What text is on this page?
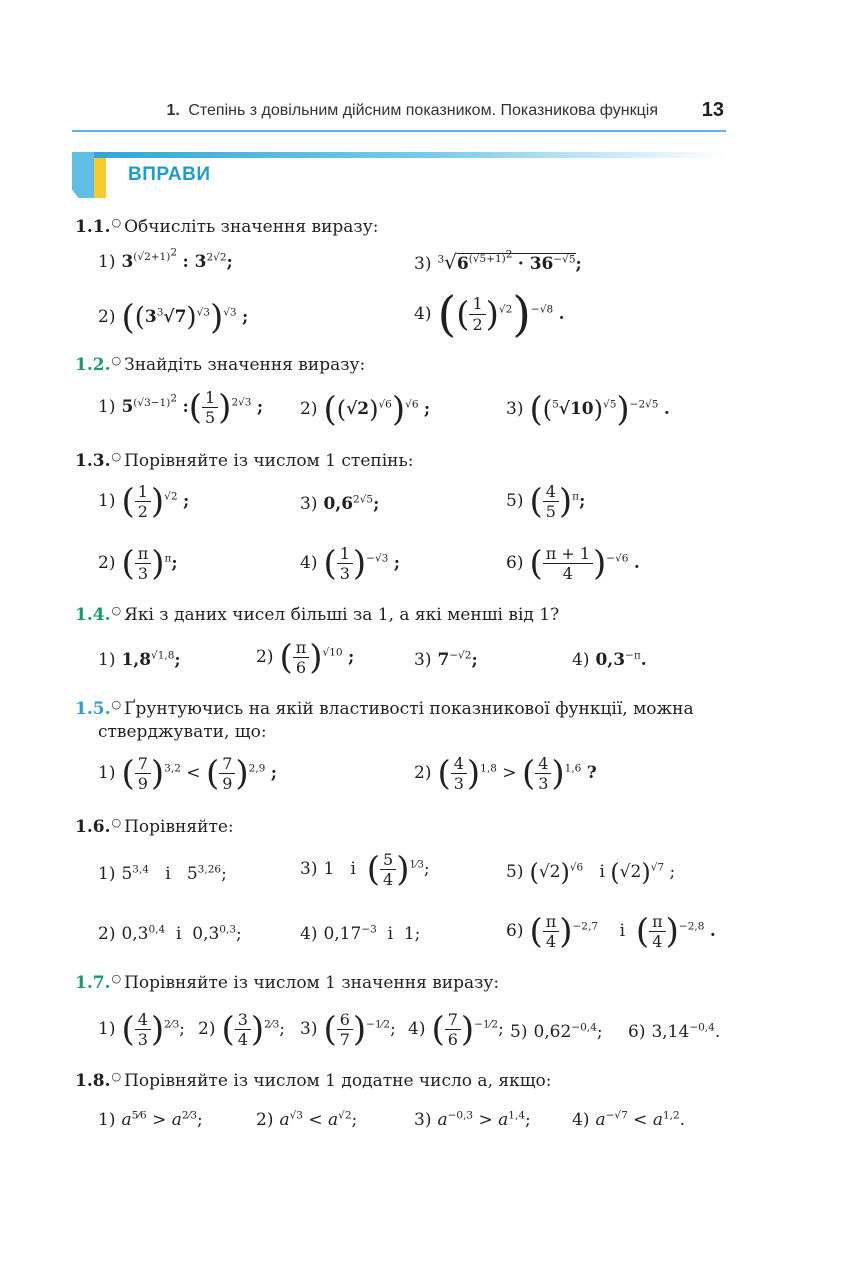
1. Степінь з довільним дійсним показником. Показникова функція 13
ВПРАВИ
1.1.○ Обчисліть значення виразу:
1) $3^{(√2+1)^2}$ : $3^{2√2}$;	3) $^3√6^{(√5+1)^2} \cdot 36^{-√5}$;
2) $((3^3√7)^{√3})^{√3}$ ;	4) (( $\frac{1}{2} )^{√2})^{-√8}$ .
1.2.○ Знайдіть значення виразу:
1) $5^{(√3-1)^2}$ :( $\frac{1}{5} )^{2√3}$ ; 2) $((√2)^{√6})^{√6}$ ;	3) $((^5√10)^{√5})^{-2√5}$ .
1.3.○ Порівняйте із числом 1 степінь:
1) ( $\frac{1}{2} )^{√2}$ ;	3) $0,6^{2√5}$;	5) ( $\frac{4}{5} )^\pi$;
2) ( $\frac{\pi}{3} )^\pi$;	4) ( $\frac{1}{3} )^{-√3}$ ;	6) ( $\frac{\pi + 1}{4} )^{-√6}$ .
1.4.○ Які з даних чисел більші за 1, а які менші від 1?
1) $1,8^{√1,8}$;	2) ( $\frac{\pi}{6} )^{√10}$ ;	3) $7^{-√2}$;	4) $0,3^{-\pi}$.
1.5.○ Ґрунтуючись на якій властивості показникової функції, можна
стверджувати, що:
1) ( $\frac{7}{9} )^{3,2}$ < ( $\frac{7}{9} )^{2,9}$ ;	2) ( $\frac{4}{3} )^{1,8}$ > ( $\frac{4}{3} )^{1,6}$ ?
1.6.○ Порівняйте:
1) 5$^{3,4}$   і   5$^{3,26}$;	3) 1   і  ( $\frac{5}{4} )^{1⁄3}$;	5) $(√2)^{√6}$   і $(√2)^{√7}$ ;
2) 0,3$^{0,4}$  і  0,3$^{0,3}$;	4) $0,17^{-3}$  і  1;	6) ( $\frac{\pi}{4} )^{-2,7}$    і  ( $\frac{\pi}{4} )^{-2,8}$ .
1.7.○ Порівняйте із числом 1 значення виразу:
1) ( $\frac{4}{3} )^{2⁄3}$; 2) ( $\frac{3}{4} )^{2⁄3}$; 3) ( $\frac{6}{7} )^{-1⁄2}$; 4) ( $\frac{7}{6} )^{-1⁄2}$; 5) $0,62^{-0,4}$; 6) $3,14^{-0,4}$.
1.8.○ Порівняйте із числом 1 додатне число a, якщо:
1) $a^{5⁄6} > a^{2⁄3}$;	2) $a^{√3} < a^{√2}$;	3) $a^{-0,3} > a^{1,4}$; 4) $a^{-√7} < a^{1,2}$.
